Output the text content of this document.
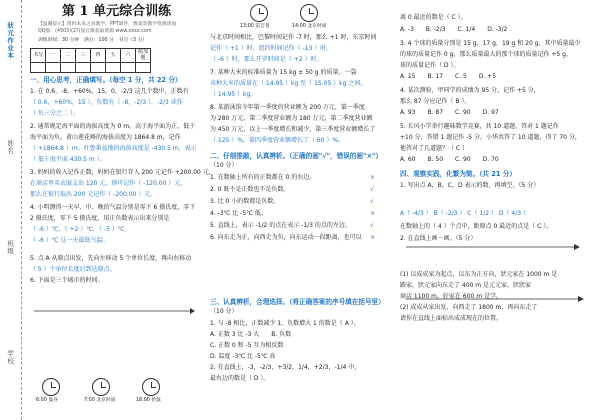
狀元作业本
姓名
班级
学校
第 1 单元综合训练
【温馨提示】资料本来之真教学，PPT课件，教案等教学资源请加
QQ群：(4503)(2?)加官微获取资源 www.xxxx.com
训练时间：30 分钟　满分：100 分　书写（3 分）
书写	一	二	三	四	五	六	附加题

一、用心思考，正确填写。（每空 1 分，共 22 分）
1. 在 0.6，-8，+60%，15，0，-2/3 这几个数中，正数有
（ 0.6，+60%，15 ），负数有（ -8，-2/3 ），-2/3 读作
（ 负三分之二 ）。
2. 通常规定海平面的海拔高度为 0 m，高于海平面为正，低于
海平面为负。黄山莲花峰的海拔高度为 1864.8 m，记作
（ +1864.8 ）m；吐鲁番盆地的海拔高度是 -430.5 m，表示
（ 低于海平面 430.5 m ）。
3. 妈妈的收入记作正数，妈妈在银行存入 200 元记作 +200.00 元，
在商店里买衣服支出 120 元，则可记作（ -120.00 ）元，
那么在银行取出 200 元记作（ -200.00 ）元。
4. 小明测得一天早、中、晚的气温分别是零下 6 摄氏度，零下
2 摄氏度，零下 5 摄氏度，用正负数表示出来分别是
（ -6 ）℃，（ +2 ）℃，（ -5 ）℃。
（ -6 ）℃ 这一天最低气温。
5. 点 A 从原点出发，先向左移动 5 个单位长度，再向右移动
（ 5 ）个单位长度后到达原点。
6. 下面是三个城市的时间。
6:00 曼谷	7:00 北京时间	18:00 伦敦
13:00 雷吉普	14:00 北京时间
与北京时间相比，巴黎时间记作 -7 时，那么 +1 时，东京时间
记作（ +1 ）时，纽约时间记作（ -13 ）时。
（ -6 ）时，那么开罗时间是（ +2 ）时。
7. 某种大米的标准质量为 15 kg ± 50 g 的质量，一袋
该种大米的质量在（ 14.95 ）kg 至（ 15.05 ）kg 之间。
（ 14.95 ）kg。
8. 某游泳馆今年第一季度的营业额为 200 万元，第一季度
为 280 万元，第二季度营业额为 180 万元，第二季度营业额
为 450 万元，以上一季度增长和减少，第三季度营业额增长了
（ 125 ）%，第四季度营业额增长了（ 60 ）%。
二、仔细推敲，认真辨析。（正确的画"√"，错误的画"×"）
（10 分）
1. 在数轴上所有的正数都在 0 的右边。	×
2. 0 既不是正数也不是负数。	√
3. 比 0 小的数都是负数。	√
4. -3℃ 比 -5℃ 低。	×
5. 直线上，表示 -1/2 的点在表示 -1/3 的点的左边。	√
6. 向东走为正，向西走为负，向东运动一段距离，也可以 ×
三、认真辨析，合理选择。（将正确答案的序号填在括号里）
（10 分）
1. 与 -8 相比，正数减少 1，负数增大 1 的数是（ A ）。
A. 正数 3 比 -3 大　　B. 负数
C. 正数 0 和 -5 互为相反数
D. 温度 -3℃ 比 -5℃ 高
2. 在直线上，-3，-2/3，+3/2，1/4，+2/3，-1/4 中，
最右边的数是（ D ）。
离 0 最近的数是（ C ）。
A. -3　　B. -2/3　　C. 1/4　　D. -3/2
3. 4 个球的质量分别是 15 g，17 g，19 g 和 20 g，其中质量最少
的球的质量记作 0 g，那么质量最大的那个球的质量记作 +5 g，
球的质量记作（ D ）。
A. 15　　B. 17　　C. 5　　D. +5
4. 某次测验，甲同学的成绩为 95 分，记作 +5 分，
那么 87 分应记作（ B ）。
A. 93　　B. 87　　C. 90　　D. 97
5. 长风小学举行趣味数学竞赛，共 10 道题，答对 1 题记作
+10 分，答错 1 题记作 -5 分，小华共答了 10 道题，得了 70 分，
他答对了几道题？（ C ）
A. 60　　B. 50　　C. 90　　D. 70
四、观察实践，化繁为简。（共 21 分）
1. 写出点 A，B，C，D 表示的数，再填空。（5 分）
A（ -4/3 ） B（ -2/3 ） C（ 1/2 ） D（ 4/3 ）
在数轴上的（ 4 ）个点中，距原点 0 最近的点是（ C ）。
2. 在直线上画一画。（5 分）
(1) 以成成家为起点，以东为正方向，狀元家在 1000 m 是
路家，狀元家向东走了 400 m 是元元家，狀狀家
商店 1100 m，好家在 600 m 是学。
(2) 成成从家出发，向西走了 1800 m，再向东走了
请你在直线上面标出成成现在的位置。
